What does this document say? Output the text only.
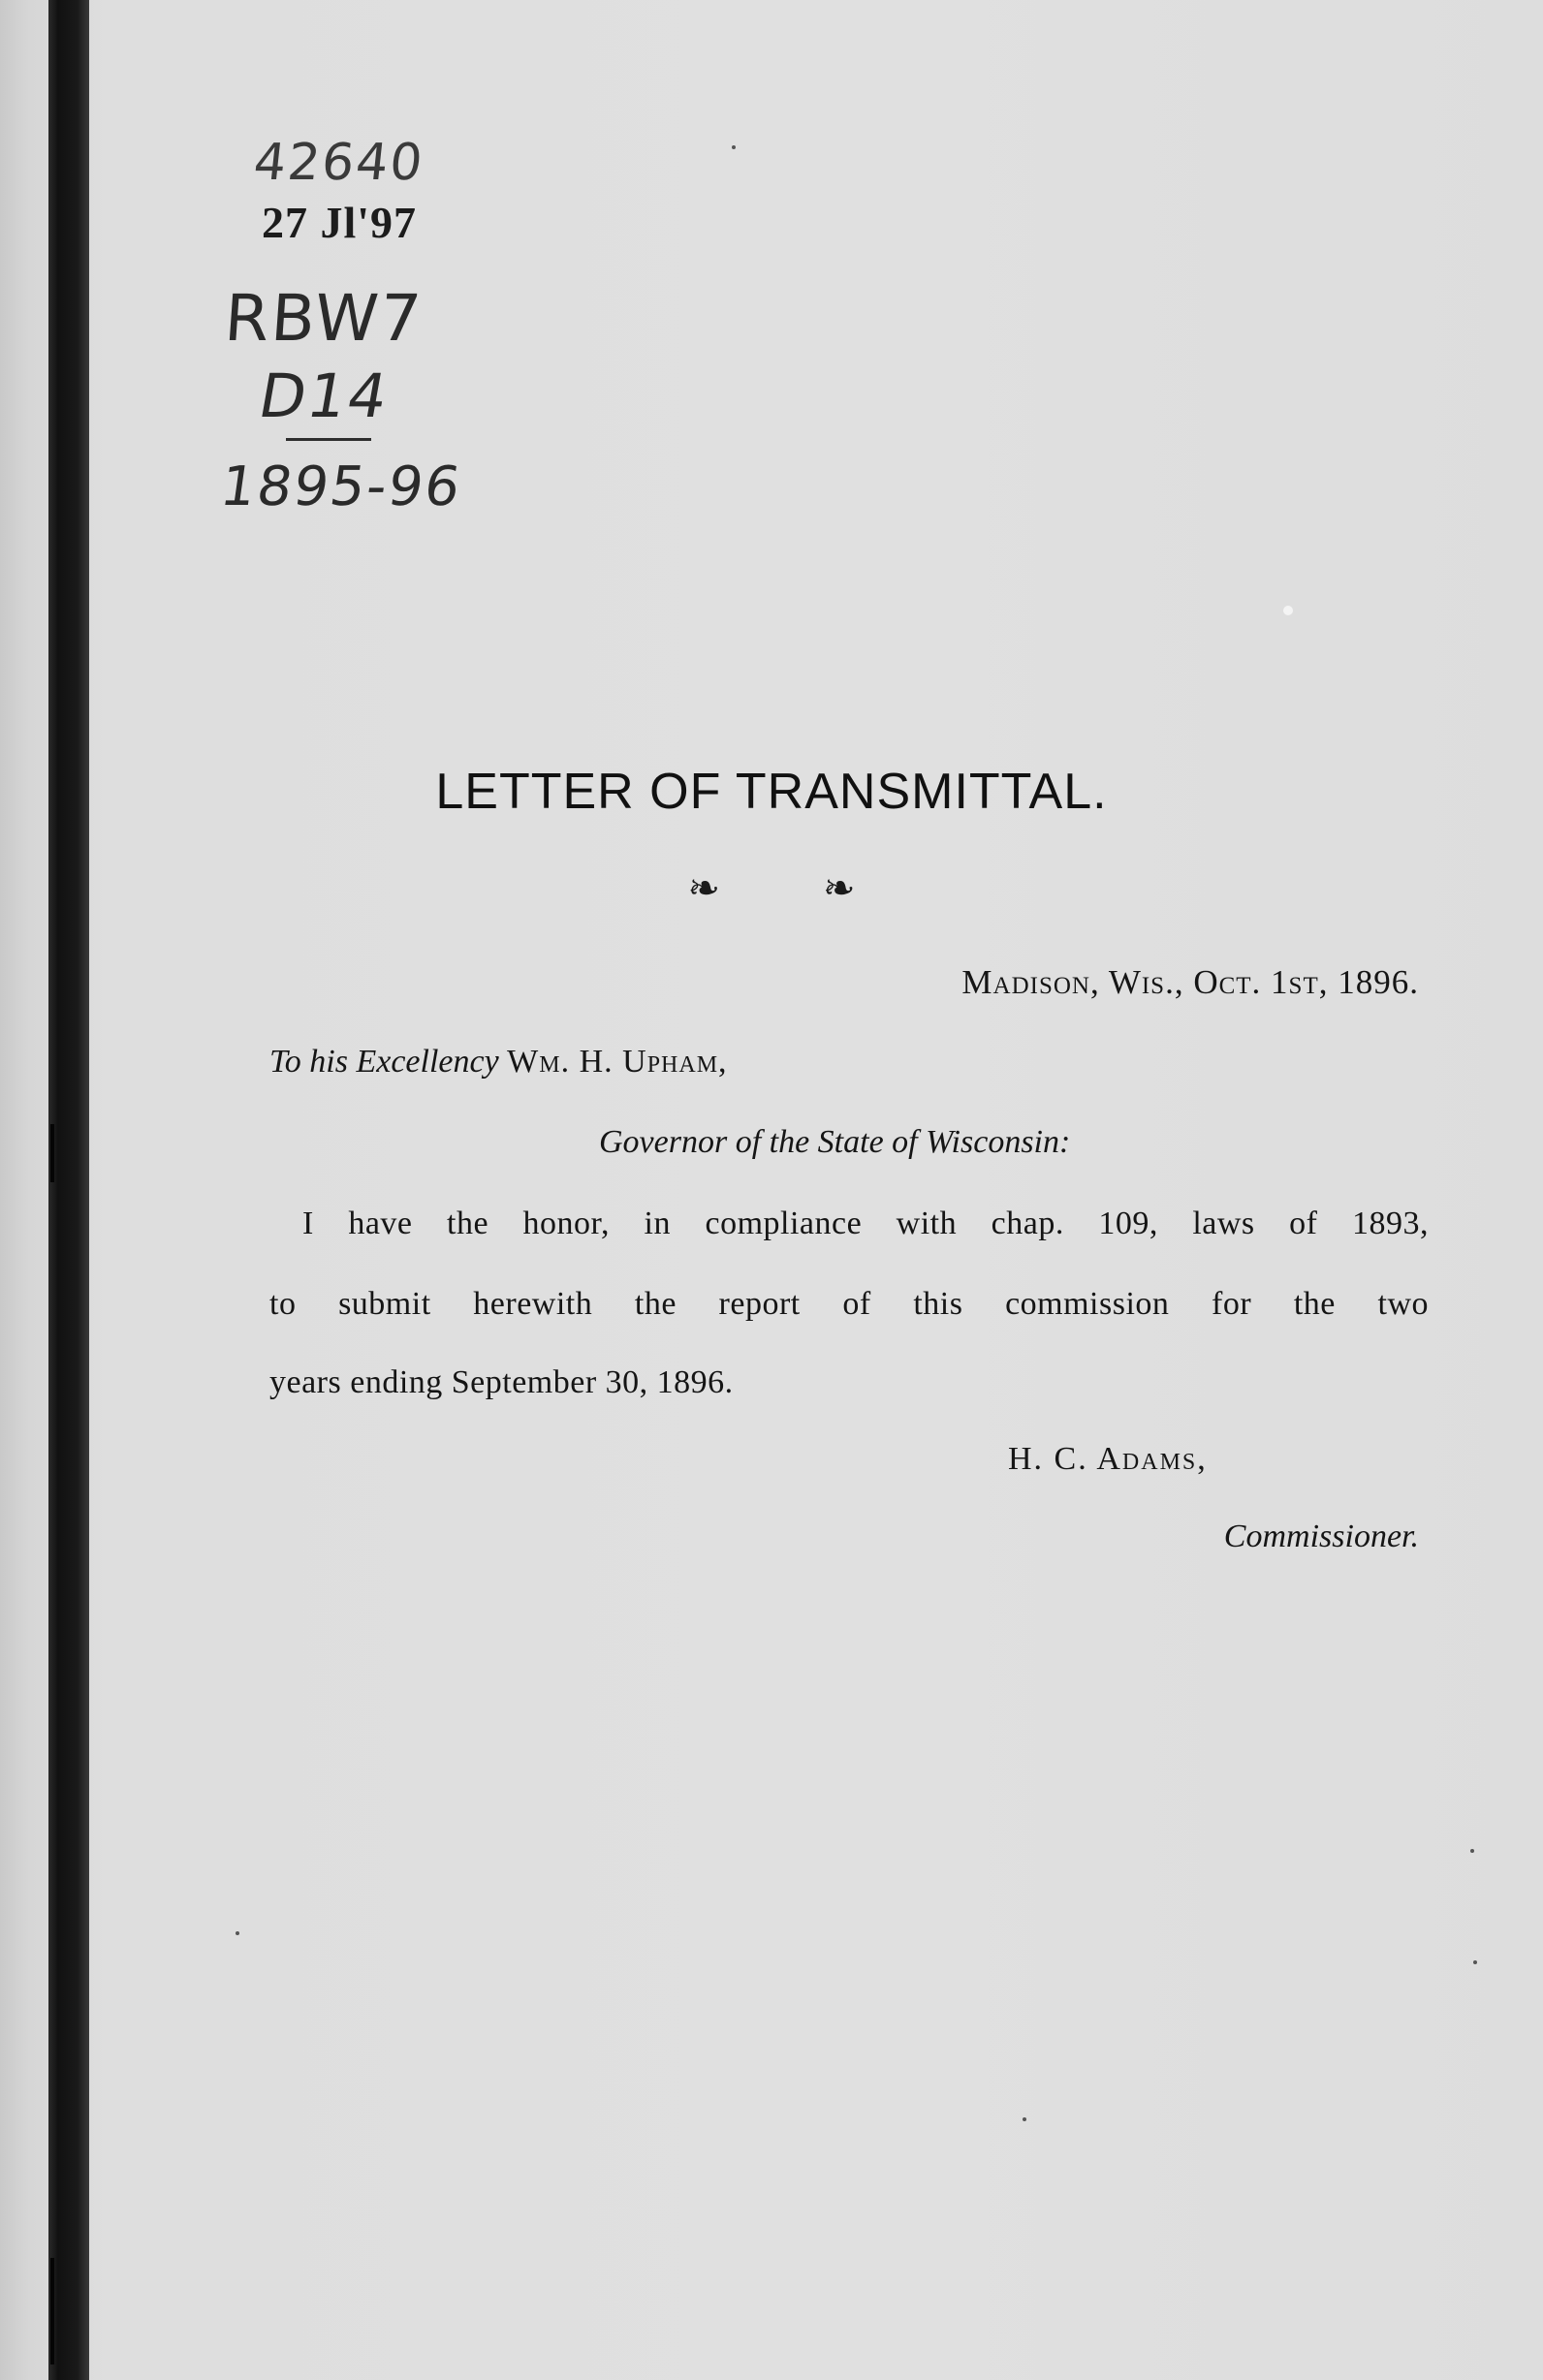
42640
27 Jl'97
RBW7
D14
1895-96
LETTER OF TRANSMITTAL.
❧	❧
Madison, Wis., Oct. 1st, 1896.
To his Excellency Wm. H. Upham,
Governor of the State of Wisconsin:
I have the honor, in compliance with chap. 109, laws of 1893,
to submit herewith the report of this commission for the two
years ending September 30, 1896.
H. C. Adams,
Commissioner.
